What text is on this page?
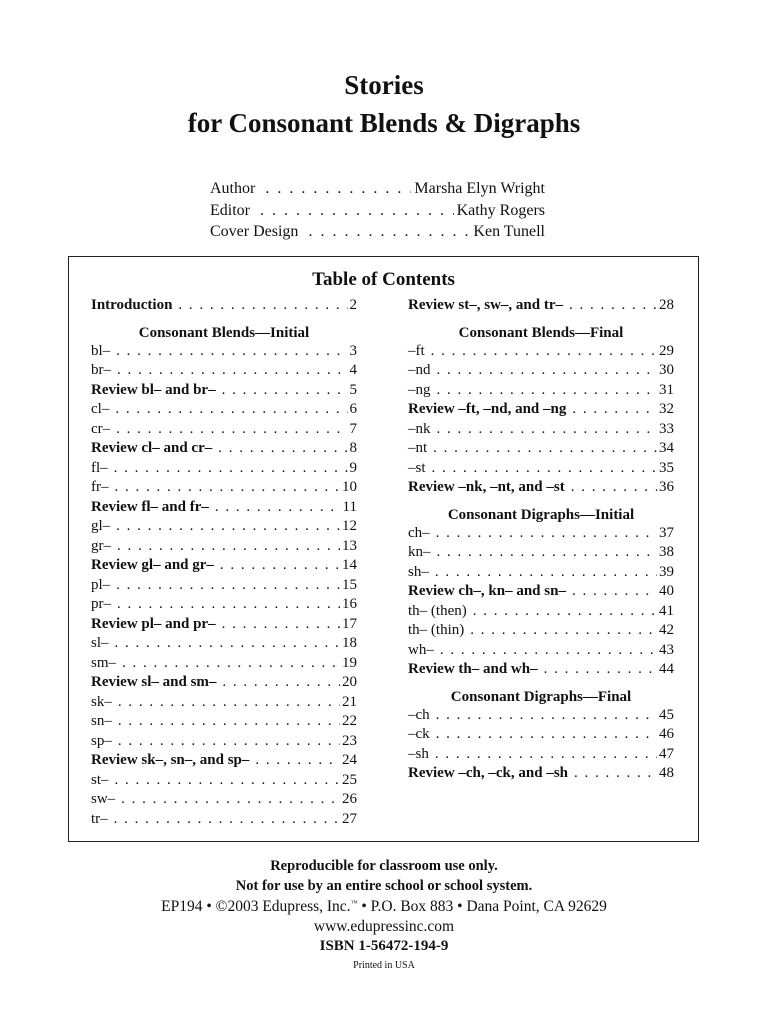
Stories
for Consonant Blends & Digraphs
Author . . .	Marsha Elyn Wright
Editor . . .	Kathy Rogers
Cover Design . . .	Ken Tunell
Table of Contents
Introduction . . .	2
Consonant Blends—Initial
bl– . . .	3
br– . . .	4
Review bl– and br– . . .	5
cl– . . .	6
cr– . . .	7
Review cl– and cr– . . .	8
fl– . . .	9
fr– . . .	10
Review fl– and fr– . . .	11
gl– . . .	12
gr– . . .	13
Review gl– and gr– . . .	14
pl– . . .	15
pr– . . .	16
Review pl– and pr– . . .	17
sl– . . .	18
sm– . . .	19
Review sl– and sm– . . .	20
sk– . . .	21
sn– . . .	22
sp– . . .	23
Review sk–, sn–, and sp– . . .	24
st– . . .	25
sw– . . .	26
tr– . . .	27
Review st–, sw–, and tr– . . .	28
Consonant Blends—Final
–ft . . .	29
–nd . . .	30
–ng . . .	31
Review –ft, –nd, and –ng . . .	32
–nk . . .	33
–nt . . .	34
–st . . .	35
Review –nk, –nt, and –st . . .	36
Consonant Digraphs—Initial
ch– . . .	37
kn– . . .	38
sh– . . .	39
Review ch–, kn– and sn– . . .	40
th– (then) . . .	41
th– (thin) . . .	42
wh– . . .	43
Review th– and wh– . . .	44
Consonant Digraphs—Final
–ch . . .	45
–ck . . .	46
–sh . . .	47
Review –ch, –ck, and –sh . . .	48
Reproducible for classroom use only.
Not for use by an entire school or school system.
EP194 • ©2003 Edupress, Inc.™ • P.O. Box 883 • Dana Point, CA 92629
www.edupressinc.com
ISBN 1-56472-194-9
Printed in USA
